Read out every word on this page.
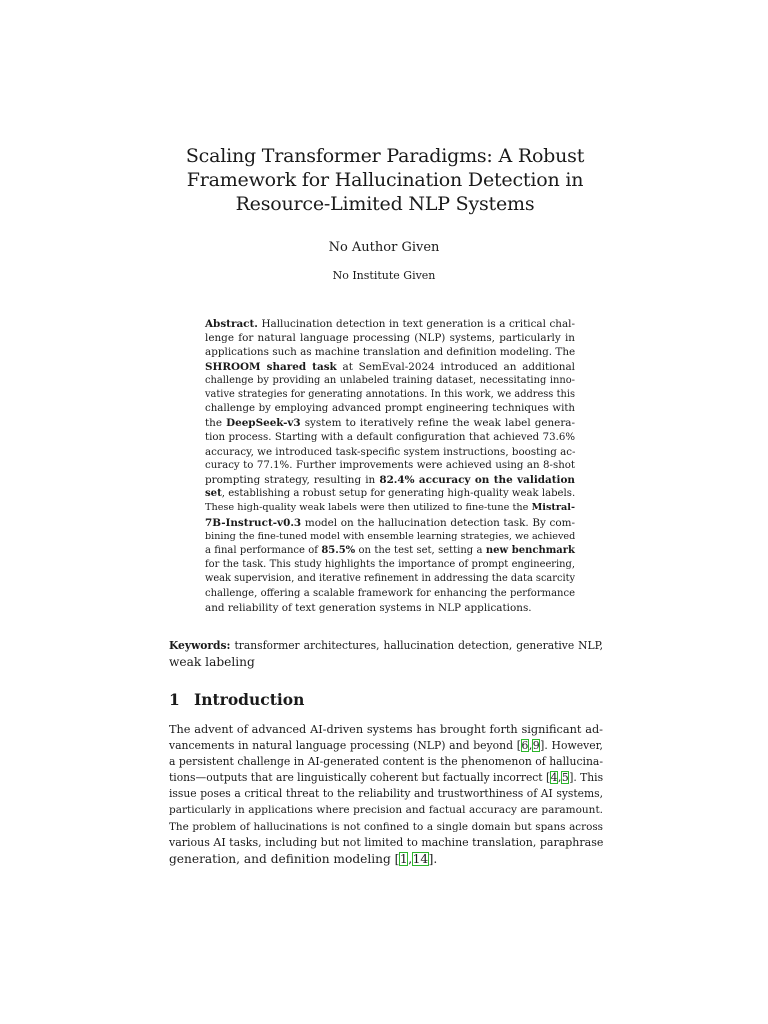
Scaling Transformer Paradigms: A Robust
Framework for Hallucination Detection in
Resource-Limited NLP Systems
No Author Given
No Institute Given
Abstract. Hallucination detection in text generation is a critical chal-
lenge for natural language processing (NLP) systems, particularly in
applications such as machine translation and definition modeling. The
SHROOM shared task at SemEval-2024 introduced an additional
challenge by providing an unlabeled training dataset, necessitating inno-
vative strategies for generating annotations. In this work, we address this
challenge by employing advanced prompt engineering techniques with
the DeepSeek-v3 system to iteratively refine the weak label genera-
tion process. Starting with a default configuration that achieved 73.6%
accuracy, we introduced task-specific system instructions, boosting ac-
curacy to 77.1%. Further improvements were achieved using an 8-shot
prompting strategy, resulting in 82.4% accuracy on the validation
set, establishing a robust setup for generating high-quality weak labels.
These high-quality weak labels were then utilized to fine-tune the Mistral-
7B-Instruct-v0.3 model on the hallucination detection task. By com-
bining the fine-tuned model with ensemble learning strategies, we achieved
a final performance of 85.5% on the test set, setting a new benchmark
for the task. This study highlights the importance of prompt engineering,
weak supervision, and iterative refinement in addressing the data scarcity
challenge, offering a scalable framework for enhancing the performance
and reliability of text generation systems in NLP applications.
Keywords: transformer architectures, hallucination detection, generative NLP,
weak labeling
1 Introduction
The advent of advanced AI-driven systems has brought forth significant ad-
vancements in natural language processing (NLP) and beyond [6,9]. However,
a persistent challenge in AI-generated content is the phenomenon of hallucina-
tions—outputs that are linguistically coherent but factually incorrect [4,5]. This
issue poses a critical threat to the reliability and trustworthiness of AI systems,
particularly in applications where precision and factual accuracy are paramount.
The problem of hallucinations is not confined to a single domain but spans across
various AI tasks, including but not limited to machine translation, paraphrase
generation, and definition modeling [1,14].
